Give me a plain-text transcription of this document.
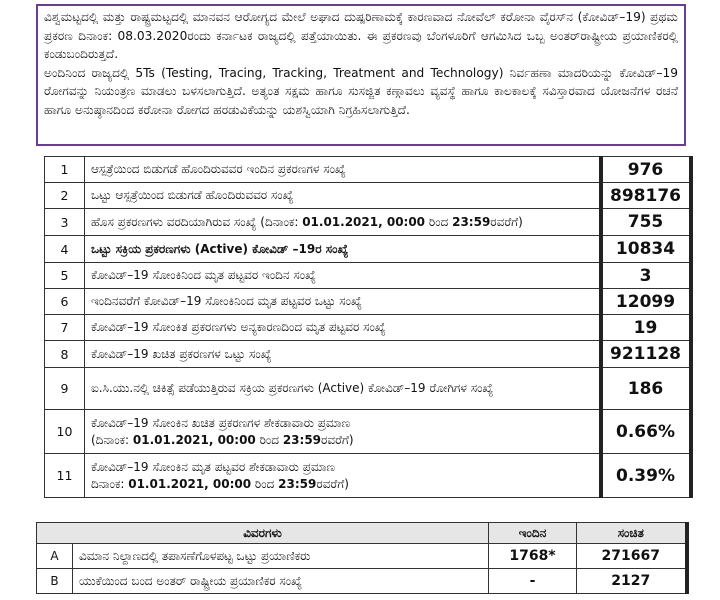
ವಿಶ್ವಮಟ್ಟದಲ್ಲಿ ಮತ್ತು ರಾಷ್ಟ್ರಮಟ್ಟದಲ್ಲಿ ಮಾನವನ ಆರೋಗ್ಯದ ಮೇಲೆ ಅಘಾದ ದುಷ್ಪರಿಣಾಮಕ್ಕೆ ಕಾರಣವಾದ ನೋವೆಲ್ ಕರೋನಾ ವೈರಸ್‌ನ (ಕೋವಿಡ್–19) ಪ್ರಥಮ ಪ್ರಕರಣ ದಿನಾಂಕ: 08.03.2020ರಂದು ಕರ್ನಾಟಕ ರಾಜ್ಯದಲ್ಲಿ ಪತ್ತೆಯಾಯಿತು. ಈ ಪ್ರಕರಣವು ಬೆಂಗಳೂರಿಗೆ ಆಗಮಿಸಿದ ಒಬ್ಬ ಅಂತರ್‌ರಾಷ್ಟ್ರೀಯ ಪ್ರಯಾಣಿಕರಲ್ಲಿ ಕಂಡುಬಂದಿರುತ್ತದೆ.
ಅಂದಿನಿಂದ ರಾಜ್ಯದಲ್ಲಿ 5Ts (Testing, Tracing, Tracking, Treatment and Technology) ನಿರ್ವಹಣಾ ಮಾದರಿಯನ್ನು ಕೋವಿಡ್–19 ರೋಗವನ್ನು ನಿಯಂತ್ರಣ ಮಾಡಲು ಬಳಸಲಾಗುತ್ತಿದೆ. ಅತ್ಯಂತ ಸಕ್ಷಮ ಹಾಗೂ ಸುಸಜ್ಜಿತ ಕಣ್ಗಾವಲು ವ್ಯವಸ್ಥೆ ಹಾಗೂ ಕಾಲಕಾಲಕ್ಕೆ ಸವಿಸ್ತಾರವಾದ ಯೋಜನೆಗಳ ರಚನೆ ಹಾಗೂ ಅನುಷ್ಠಾನದಿಂದ ಕರೋನಾ ರೋಗದ ಹರಡುವಿಕೆಯನ್ನು ಯಶಸ್ವಿಯಾಗಿ ನಿಗ್ರಹಿಸಲಾಗುತ್ತಿದೆ.
1	ಆಸ್ಪತ್ರೆಯಿಂದ ಬಿಡುಗಡೆ ಹೊಂದಿರುವವರ ಇಂದಿನ ಪ್ರಕರಣಗಳ ಸಂಖ್ಯೆ	976
2	ಒಟ್ಟು ಆಸ್ಪತ್ರೆಯಿಂದ ಬಿಡುಗಡೆ ಹೊಂದಿರುವವರ ಸಂಖ್ಯೆ	898176
3	ಹೊಸ ಪ್ರಕರಣಗಳು ವರದಿಯಾಗಿರುವ ಸಂಖ್ಯೆ (ದಿನಾಂಕ: 01.01.2021, 00:00 ರಿಂದ 23:59ರವರೆಗೆ)	755
4	ಒಟ್ಟು ಸಕ್ರಿಯ ಪ್ರಕರಣಗಳು (Active) ಕೋವಿಡ್ –19ರ ಸಂಖ್ಯೆ	10834
5	ಕೋವಿಡ್–19 ಸೋಂಕಿನಿಂದ ಮೃತ ಪಟ್ಟವರ ಇಂದಿನ ಸಂಖ್ಯೆ	3
6	ಇಂದಿನವರೆಗೆ ಕೋವಿಡ್–19 ಸೋಂಕಿನಿಂದ ಮೃತ ಪಟ್ಟವರ ಒಟ್ಟು ಸಂಖ್ಯೆ	12099
7	ಕೋವಿಡ್–19 ಸೋಂಕಿತ ಪ್ರಕರಣಗಳು ಅನ್ಯಕಾರಣದಿಂದ ಮೃತ ಪಟ್ಟವರ ಸಂಖ್ಯೆ	19
8	ಕೋವಿಡ್–19 ಖಚಿತ ಪ್ರಕರಣಗಳ ಒಟ್ಟು ಸಂಖ್ಯೆ	921128
9	ಐ.ಸಿ.ಯು.ನಲ್ಲಿ ಚಿಕಿತ್ಸೆ ಪಡೆಯುತ್ತಿರುವ ಸಕ್ರಿಯ ಪ್ರಕರಣಗಳು (Active) ಕೋವಿಡ್–19 ರೋಗಿಗಳ ಸಂಖ್ಯೆ	186
10	ಕೋವಿಡ್–19 ಸೋಂಕಿನ ಖಚಿತ ಪ್ರಕರಣಗಳ ಶೇಕಡಾವಾರು ಪ್ರಮಾಣ
(ದಿನಾಂಕ: 01.01.2021, 00:00 ರಿಂದ 23:59ರವರೆಗೆ)	0.66%
11	ಕೋವಿಡ್–19 ಸೋಂಕಿನ ಮೃತ ಪಟ್ಟವರ ಶೇಕಡಾವಾರು ಪ್ರಮಾಣ
ದಿನಾಂಕ: 01.01.2021, 00:00 ರಿಂದ 23:59ರವರೆಗೆ)	0.39%
ವಿವರಗಳು		ಇಂದಿನ	ಸಂಚಿತ
A	ವಿಮಾನ ನಿಲ್ದಾಣದಲ್ಲಿ ತಪಾಸಣೆಗೊಳಪಟ್ಟ ಒಟ್ಟು ಪ್ರಯಾಣಿಕರು	1768*	271667
B	ಯುಕೆಯಿಂದ ಬಂದ ಅಂತರ್ ರಾಷ್ಟ್ರೀಯ ಪ್ರಯಾಣಿಕರ ಸಂಖ್ಯೆ	-	2127
